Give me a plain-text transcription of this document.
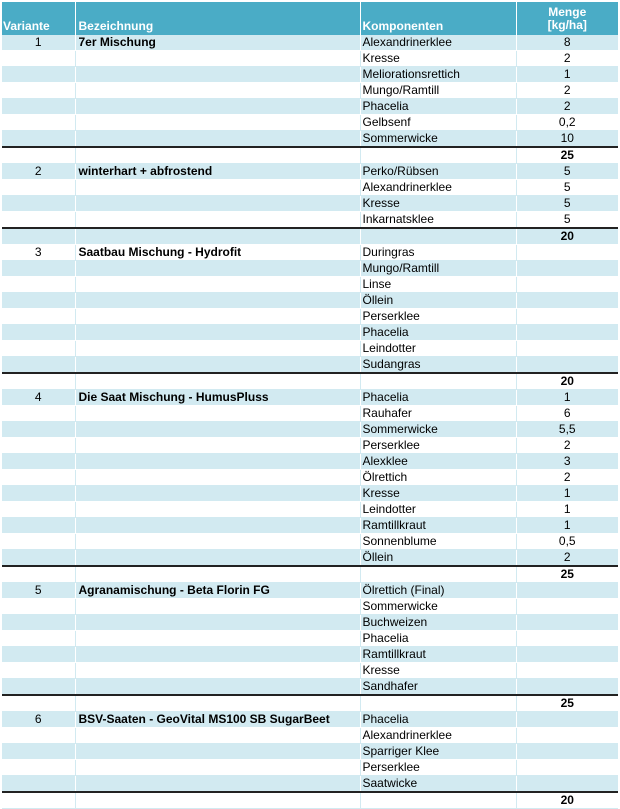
Variante	Bezeichnung	Komponenten	Menge
[kg/ha]
1	7er Mischung	Alexandrinerklee	8
		Kresse	2
		Meliorationsrettich	1
		Mungo/Ramtill	2
		Phacelia	2
		Gelbsenf	0,2
		Sommerwicke	10
			25
2	winterhart + abfrostend	Perko/Rübsen	5
		Alexandrinerklee	5
		Kresse	5
		Inkarnatsklee	5
			20
3	Saatbau Mischung - Hydrofit	Duringras	
		Mungo/Ramtill	
		Linse	
		Öllein	
		Perserklee	
		Phacelia	
		Leindotter	
		Sudangras	
			20
4	Die Saat Mischung - HumusPluss	Phacelia	1
		Rauhafer	6
		Sommerwicke	5,5
		Perserklee	2
		Alexklee	3
		Ölrettich	2
		Kresse	1
		Leindotter	1
		Ramtillkraut	1
		Sonnenblume	0,5
		Öllein	2
			25
5	Agranamischung - Beta Florin FG	Ölrettich (Final)	
		Sommerwicke	
		Buchweizen	
		Phacelia	
		Ramtillkraut	
		Kresse	
		Sandhafer	
			25
6	BSV-Saaten - GeoVital MS100 SB SugarBeet	Phacelia	
		Alexandrinerklee	
		Sparriger Klee	
		Perserklee	
		Saatwicke	
			20
